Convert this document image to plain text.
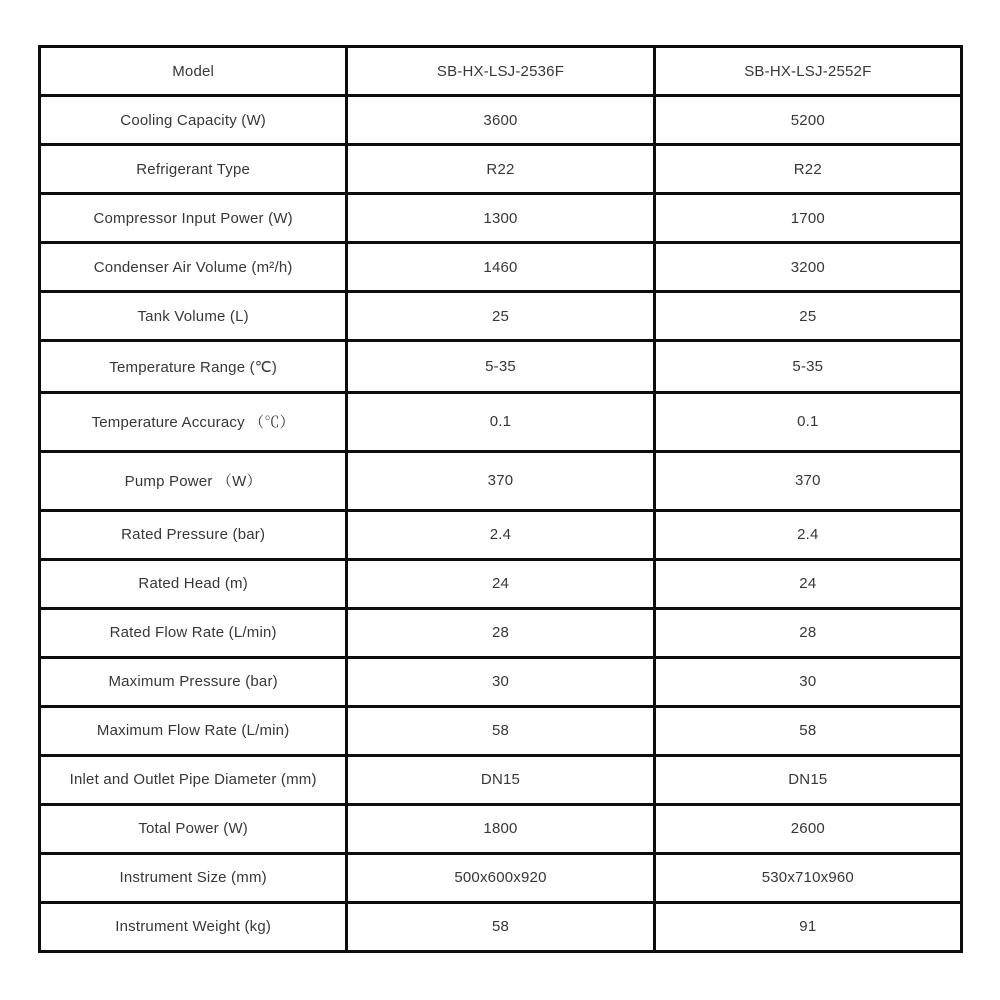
Model	SB-HX-LSJ-2536F	SB-HX-LSJ-2552F
Cooling Capacity (W)	3600	5200
Refrigerant Type	R22	R22
Compressor Input Power (W)	1300	1700
Condenser Air Volume (m²/h)	1460	3200
Tank Volume (L)	25	25
Temperature Range (℃)	5-35	5-35
Temperature Accuracy （℃）	0.1	0.1
Pump Power （W）	370	370
Rated Pressure (bar)	2.4	2.4
Rated Head (m)	24	24
Rated Flow Rate (L/min)	28	28
Maximum Pressure (bar)	30	30
Maximum Flow Rate (L/min)	58	58
Inlet and Outlet Pipe Diameter (mm)	DN15	DN15
Total Power (W)	1800	2600
Instrument Size (mm)	500x600x920	530x710x960
Instrument Weight (kg)	58	91
